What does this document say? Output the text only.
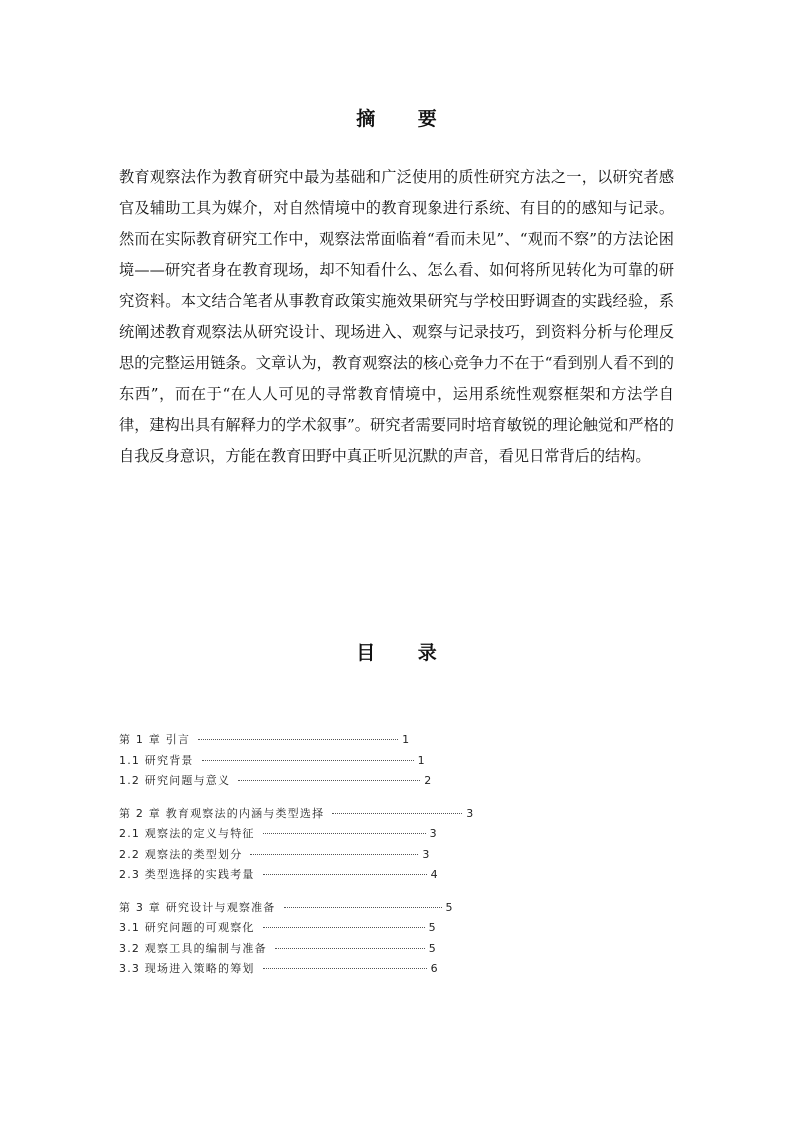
摘 要

教育观察法作为教育研究中最为基础和广泛使用的质性研究方法之一，以研究者感官及辅助工具为媒介，对自然情境中的教育现象进行系统、有目的的感知与记录。然而在实际教育研究工作中，观察法常面临着“看而未见”、“观而不察”的方法论困境——研究者身在教育现场，却不知看什么、怎么看、如何将所见转化为可靠的研究资料。本文结合笔者从事教育政策实施效果研究与学校田野调查的实践经验，系统阐述教育观察法从研究设计、现场进入、观察与记录技巧，到资料分析与伦理反思的完整运用链条。文章认为，教育观察法的核心竞争力不在于“看到别人看不到的东西”，而在于“在人人可见的寻常教育情境中，运用系统性观察框架和方法学自律，建构出具有解释力的学术叙事”。研究者需要同时培育敏锐的理论触觉和严格的自我反身意识，方能在教育田野中真正听见沉默的声音，看见日常背后的结构。

目 录
第 1 章 引言	1
1.1 研究背景	1
1.2 研究问题与意义	2
第 2 章 教育观察法的内涵与类型选择	3
2.1 观察法的定义与特征	3
2.2 观察法的类型划分	3
2.3 类型选择的实践考量	4
第 3 章 研究设计与观察准备	5
3.1 研究问题的可观察化	5
3.2 观察工具的编制与准备	5
3.3 现场进入策略的筹划	6
